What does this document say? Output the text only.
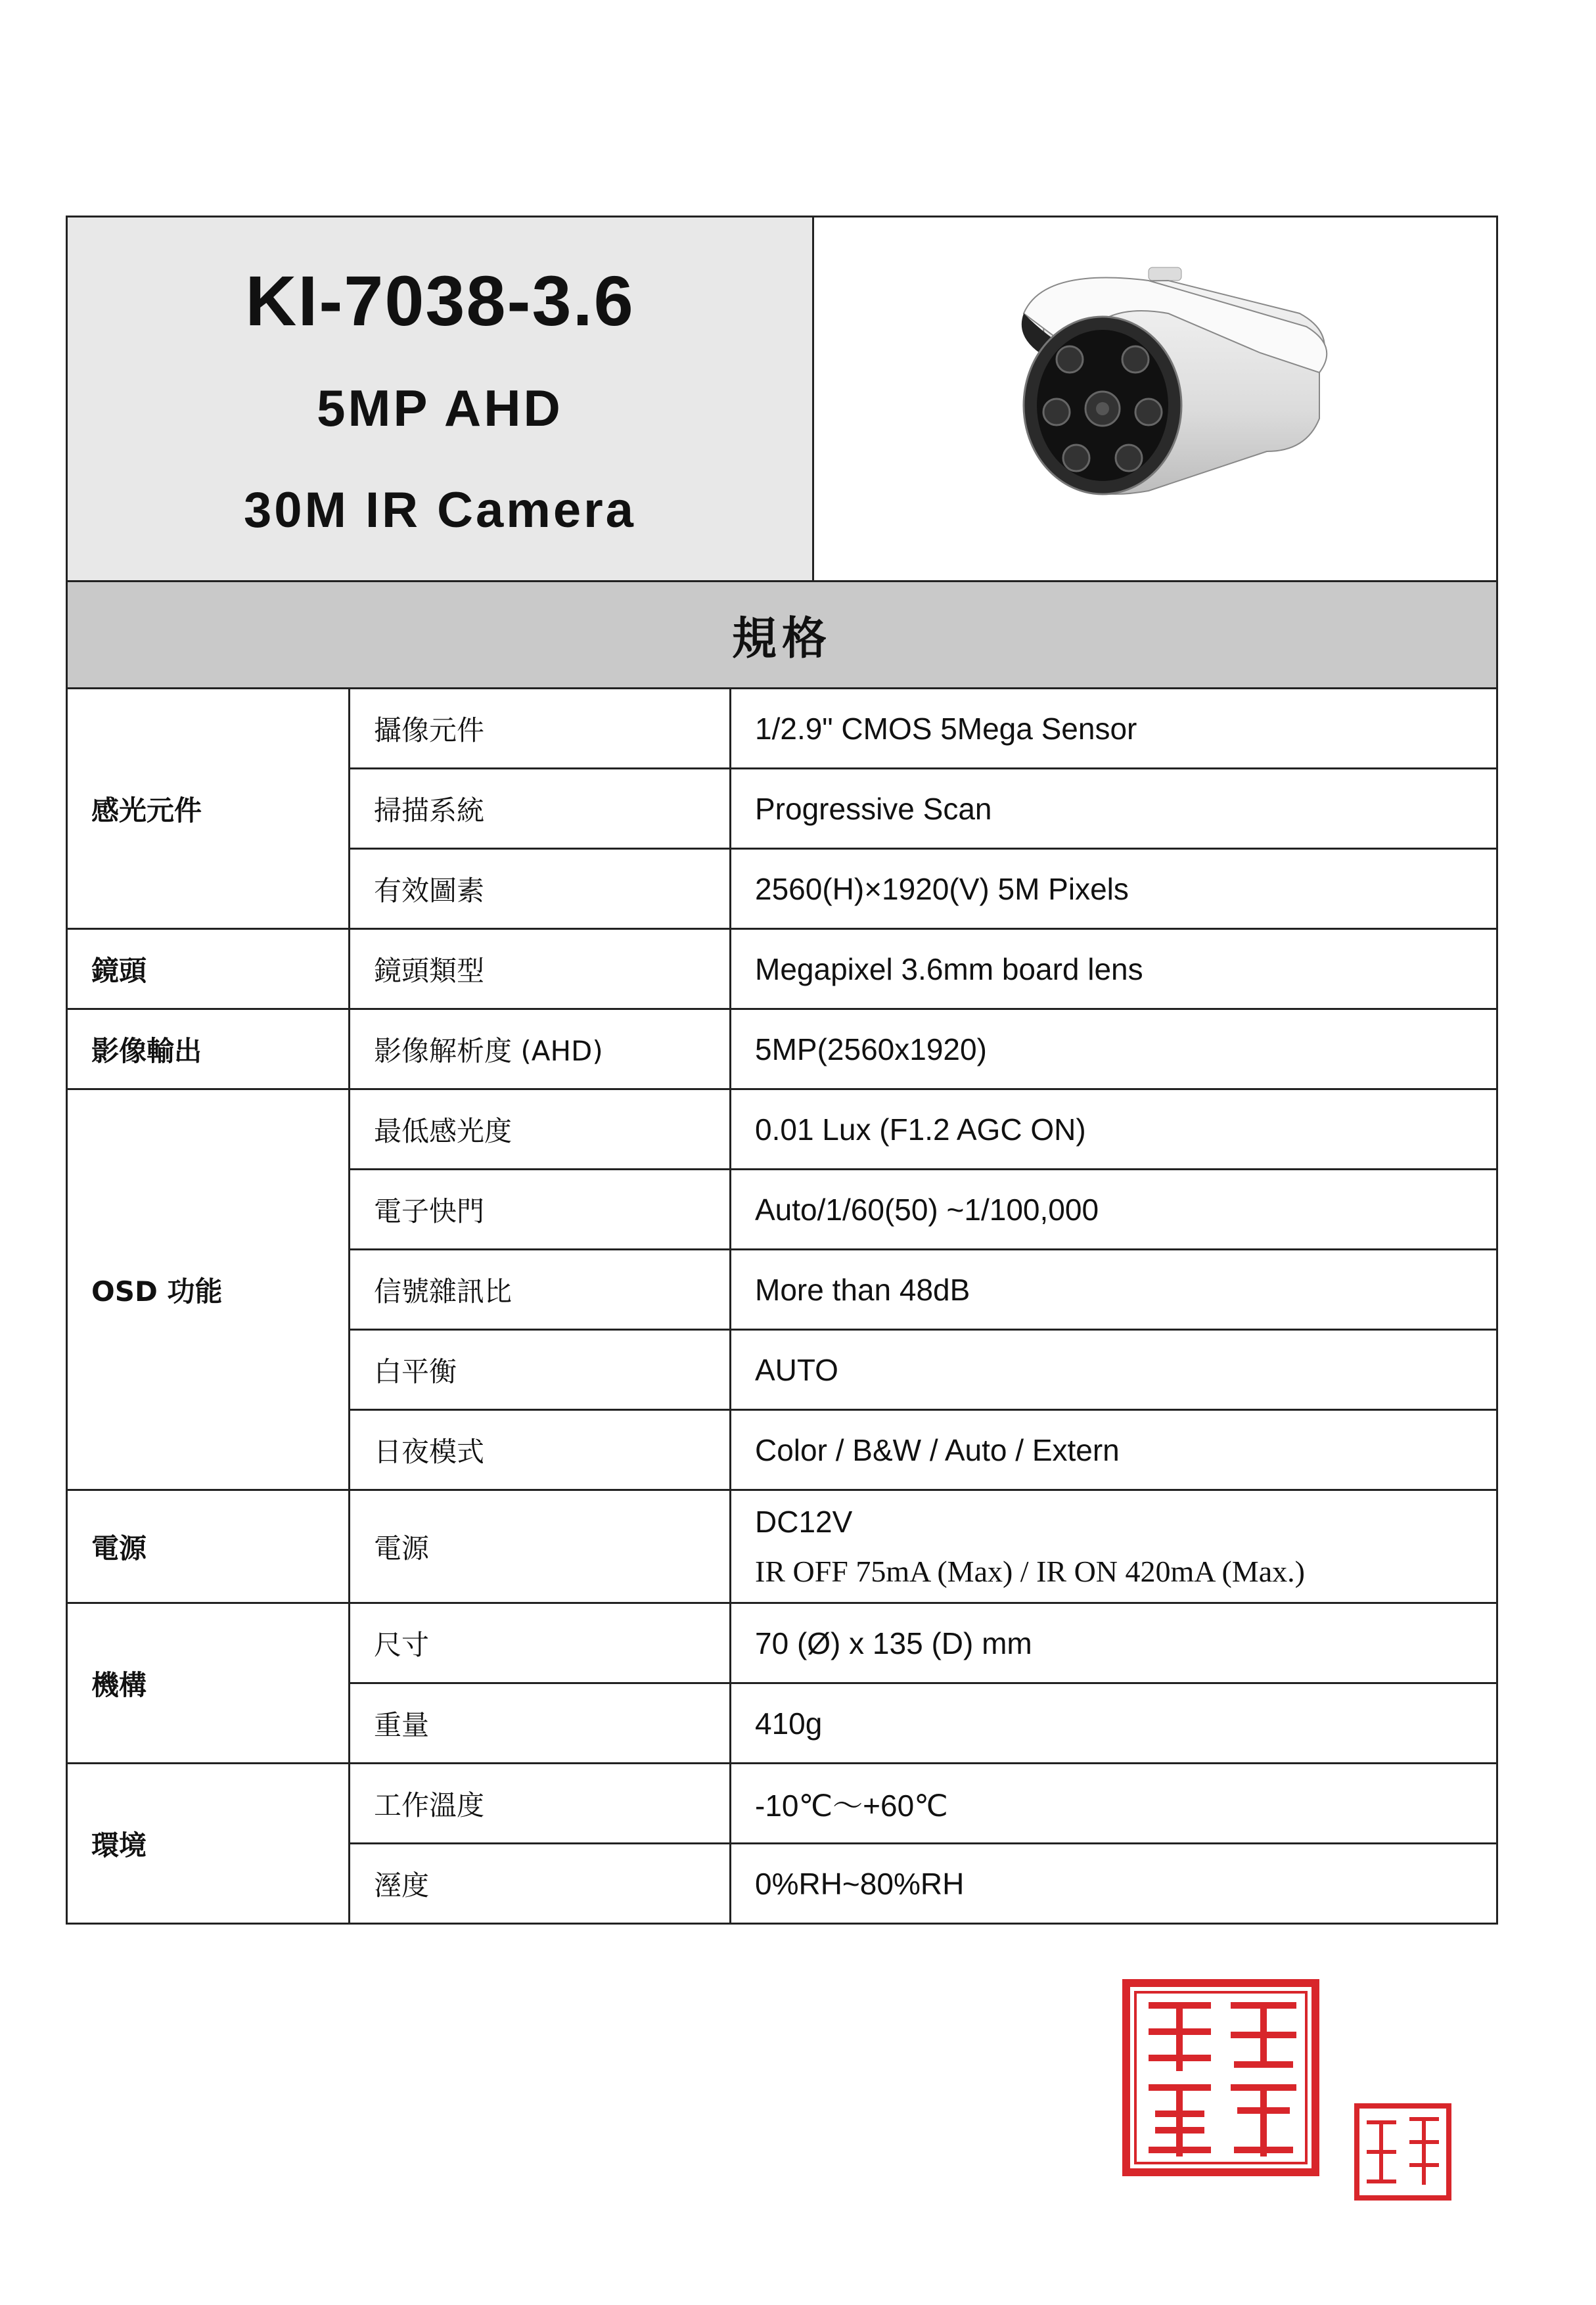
KI-7038-3.6
5MP AHD
30M IR Camera
規格
感光元件	攝像元件	1/2.9" CMOS 5Mega Sensor
	掃描系統	Progressive Scan
	有效圖素	2560(H)×1920(V) 5M Pixels
鏡頭	鏡頭類型	Megapixel 3.6mm board lens
影像輸出	影像解析度 (AHD)	5MP(2560x1920)
OSD 功能	最低感光度	0.01 Lux (F1.2 AGC ON)
	電子快門	Auto/1/60(50) ~1/100,000
	信號雜訊比	More than 48dB
	白平衡	AUTO
	日夜模式	Color / B&W / Auto / Extern
電源	電源	DC12V
IR OFF 75mA (Max) / IR ON 420mA (Max.)

機構	尺寸	70 (Ø) x 135 (D) mm
	重量	410g
環境	工作溫度	-10℃～+60℃
	溼度	0%RH~80%RH
